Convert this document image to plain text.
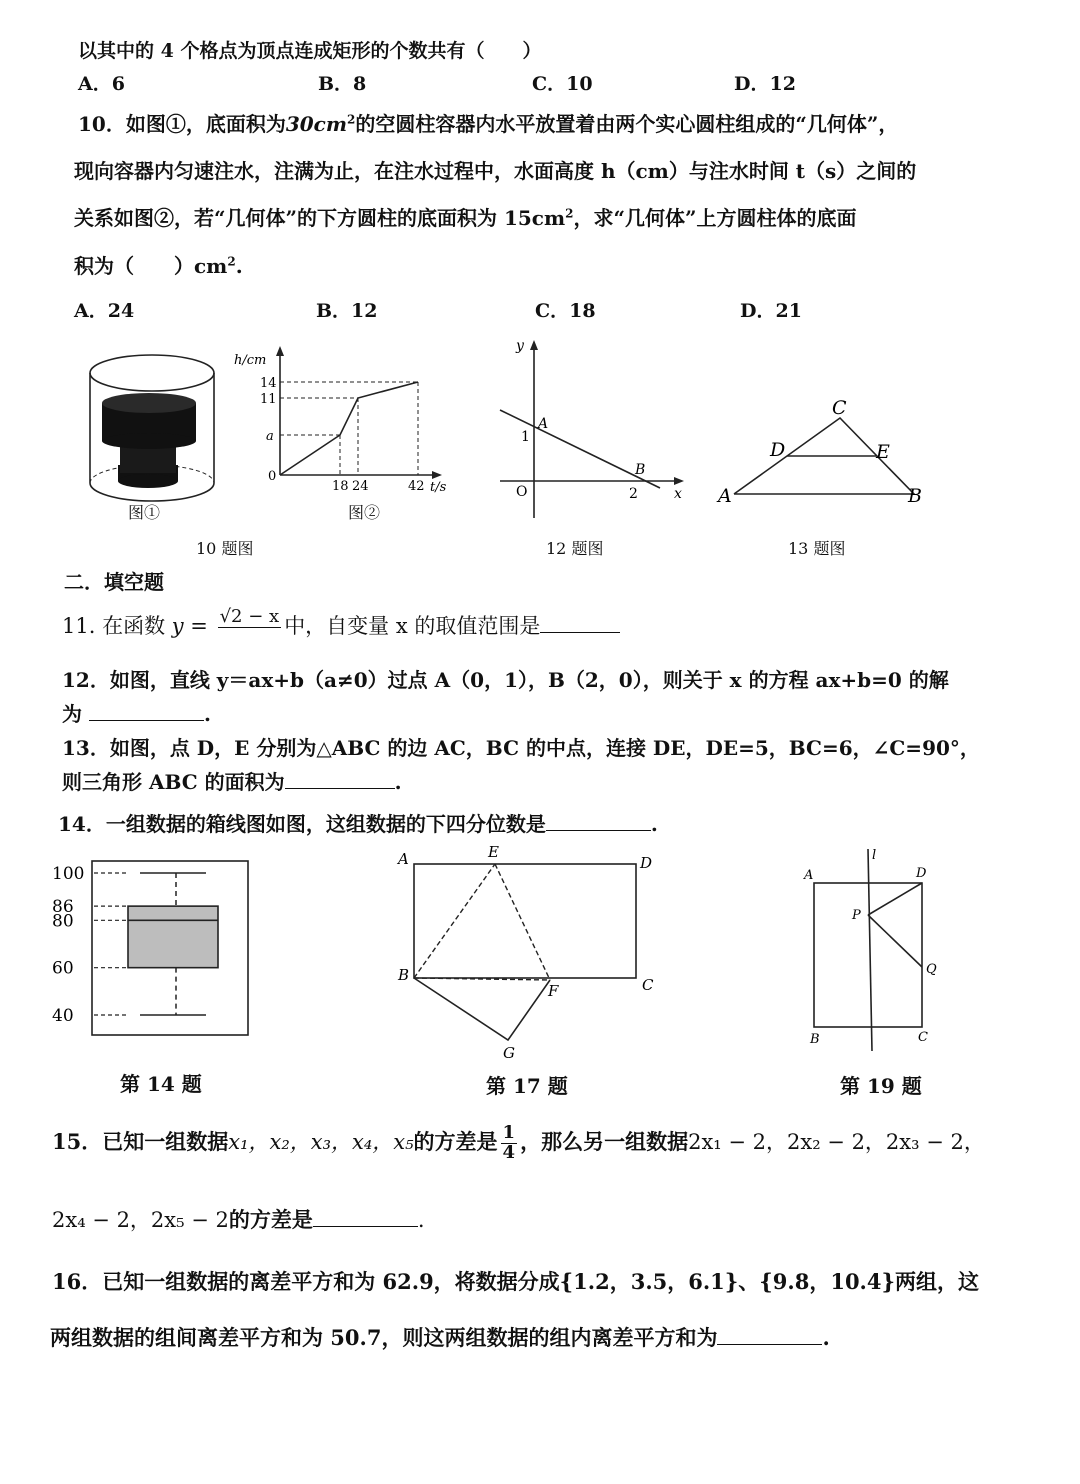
以其中的 4 个格点为顶点连成矩形的个数共有（　　）
A．6	B．8	C．10	D．12
10．如图①，底面积为$30cm^2$的空圆柱容器内水平放置着由两个实心圆柱组成的“几何体”，
现向容器内匀速注水，注满为止，在注水过程中，水面高度 h（cm）与注水时间 t（s）之间的
关系如图②，若“几何体”的下方圆柱的底面积为 $15cm^2$，求“几何体”上方圆柱体的底面
积为（　　）$cm^2$.
A．24	B．12	C．18	D．21
图①
h/cm
t/s
14
11
a
0
18 24	42
图②
10 题图
y
x
O
A
B
1
2
12 题图
C
D	E
A	B
13 题图
二．填空题
11. 在函数 y = √2 − x
中，自变量 x 的取值范围是
12．如图，直线 y＝ax+b（a≠0）过点 A（0，1），B（2，0），则关于 x 的方程 ax+b=0 的解
为	.
13．如图，点 D，E 分别为△ABC 的边 AC，BC 的中点，连接 DE，DE=5，BC=6，∠C=90°，
则三角形 ABC 的面积为	.
14．一组数据的箱线图如图，这组数据的下四分位数是	.
100
86
80
60
40
第 14 题
A	E
D
B
C
F
G
第 17 题
A
l
D
P
Q
B	C
第 19 题
15．已知一组数据x₁，x₂，x₃，x₄，x₅的方差是 $\frac{1}{4}$ ，那么另一组数据2x₁ − 2，2x₂ − 2，2x₃ − 2，
2x₄ − 2，2x₅ − 2的方差是	.
16．已知一组数据的离差平方和为 62.9，将数据分成{1.2，3.5，6.1}、{9.8，10.4}两组，这
两组数据的组间离差平方和为 50.7，则这两组数据的组内离差平方和为	.
